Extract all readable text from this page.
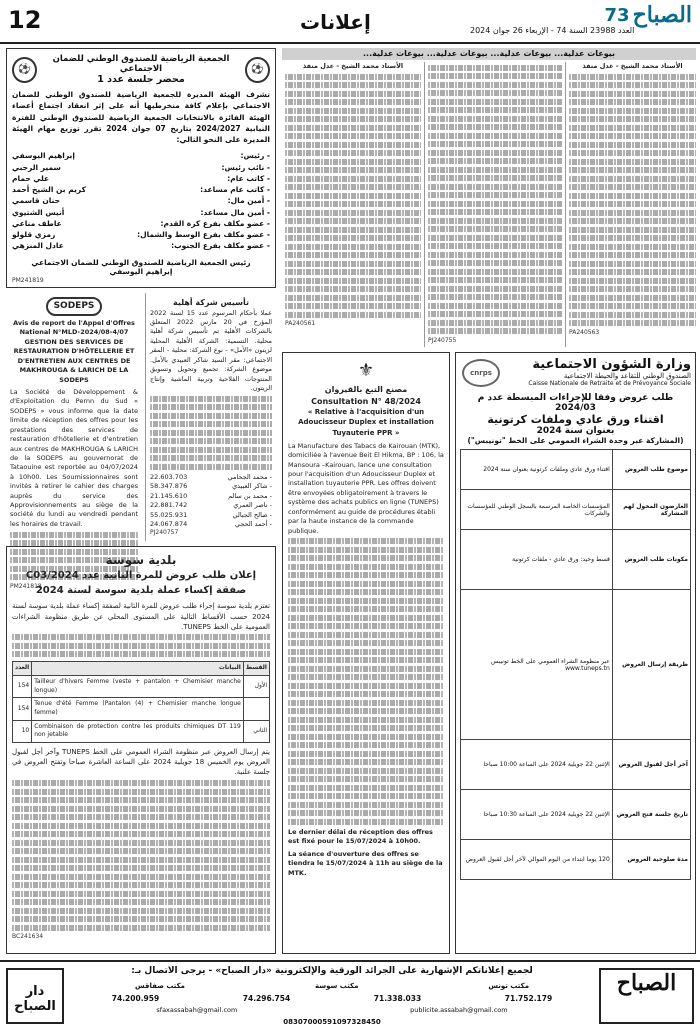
12	إعلانات	العدد 23988 السنة 74 - الإربعاء 26 جوان 2024
الصباح
73
بيوعات عدلية... بيوعات عدلية... بيوعات عدلية... بيوعات عدلية...
الأستاذ محمد الشيخ - عدل منفذ
PA240563
PJ240755
الأستاذ محمد الشيخ - عدل منفذ
PA240561
وزارة الشؤون الاجتماعية
الصندوق الوطني للتقاعد والحيطة الاجتماعية
Caisse Nationale de Retraite et de Prévoyance Sociale
cnrps
طلب عروض وفقا للإجراءات المبسطة عدد م 2024/03
اقتناء ورق عادي وملفات كرتونية
بعنوان سنة 2024
(المشاركة عبر وحدة الشراء العمومي على الخط "تونيبس")
موضوع طلب العروض	اقتناء ورق عادي وملفات كرتونية بعنوان سنة 2024
العارضون المخول لهم المشاركة	المؤسسات الخاصة المرسمة بالسجل الوطني للمؤسسات والشركات
مكونات طلب العروض	قسط وحيد: ورق عادي - ملفات كرتونية
طريقة إرسال العروض	عبر منظومة الشراء العمومي على الخط تونيبس www.tuneps.tn
آخر أجل لقبول العروض	الإثنين 22 جويلية 2024 على الساعة 10:00 صباحا
تاريخ جلسة فتح العروض	الإثنين 22 جويلية 2024 على الساعة 10:30 صباحا
مدة صلوحية العروض	120 يوما ابتداء من اليوم الموالي لآخر أجل لقبول العروض
⚜
مصنع التبغ بالقيروان
Consultation N° 48/2024
« Relative à l'acquisition d'un Adoucisseur Duplex et installation Tuyauterie PPR »
La Manufacture des Tabacs de Kairouan (MTK), domiciliée à l'avenue Beit El Hikma, BP : 106, la Mansoura –Kairouan, lance une consultation pour l'acquisition d'un Adoucisseur Duplex et installation tuyauterie PPR. Les offres doivent être envoyées obligatoirement à travers le système des achats publics en ligne (TUNEPS) conformément au guide de procédures établi par la haute instance de la commande publique.
Le dernier délai de réception des offres est fixé pour le 15/07/2024 à 10h00.
La séance d'ouverture des offres se tiendra le 15/07/2024 à 11h au siège de la MTK.
⚽
الجمعية الرياضية للصندوق الوطني للضمان الاجتماعي
محضر جلسة عدد 1
⚽
تشرف الهيئة المديرة للجمعية الرياضية للصندوق الوطني للضمان الاجتماعي بإعلام كافة منخرطيها أنه على إثر انعقاد اجتماع أعضاء الهيئة الفائزة بالانتخابات الجمعية الرياضية للصندوق الوطني للفترة النيابية 2024/2027 بتاريخ 07 جوان 2024 تقرر توزيع مهام الهيئة المديرة على النحو التالي:
- رئيس:
إبراهيم اليوسفي
- نائب رئيس:
سمير الرجبي
- كاتب عام:
علي حمام
- كاتب عام مساعد:
كريم بن الشيخ أحمد
- أمين مال:
حنان قاسمي
- أمين مال مساعد:
أنيس الشتيوي
- عضو مكلف بفرع كرة القدم:
عاطف مناعي
- عضو مكلف بفرع الوسط والشمال:
رمزي قلولو
- عضو مكلف بفرع الجنوب:
عادل المنزهي
رئيس الجمعية الرياضية للصندوق الوطني للضمان الاجتماعي
إبراهيم اليوسفي
PM241819
تأسيس شركة أهلية
عملا بأحكام المرسوم عدد 15 لسنة 2022 المؤرخ في 20 مارس 2022 المتعلق بالشركات الأهلية تم تأسيس شركة أهلية محلية. التسمية: الشركة الأهلية المحلية لزيتون «الأمل» - نوع الشركة: محلية - المقر الاجتماعي: مقر السيد شاكر العبيدي بالأمل. موضوع الشركة: تجميع وتحويل وتسويق المنتوجات الفلاحية وتربية الماشية وإنتاج الزيتون.
- محمد الجحامي
22.603.703
- شاكر العبيدي
58.347.876
- محمد بن سالم
21.145.610
- ناصر العمري
22.881.742
- صالح الجبالي
55.025.931
- أحمد الحجي
24.067.874
PJ240757
SODEPS
Avis de report de l'Appel d'Offres National N°MLD-2024/08-4/07 GESTION DES SERVICES DE RESTAURATION D'HÔTELLERIE ET D'ENTRETIEN AUX CENTRES DE MAKHROUGA & LARICH DE LA SODEPS
La Société de Développement & d'Exploitation du Pernn du Sud « SODEPS » vous informe que la date limite de réception des offres pour les prestations des services de restauration d'hôtellerie et d'entretien aux centres de MAKHROUGA & LARICH de la SODEPS au gouvernorat de Tataouine est reportée au 04/07/2024 à 10h00. Les Soumissionnaires sont invités à retirer le cahier des charges auprès du service des Approvisionnements au siège de la société du lundi au vendredi pendant les horaires de travail.
PM241818
بلدية سوسة
إعلان طلب عروض للمرة الثانية عدد 2024/C03
صفقة إكساء عملة بلدية سوسة لسنة 2024
تعتزم بلدية سوسة إجراء طلب عروض للمرة الثانية لصفقة إكساء عملة بلدية سوسة لسنة 2024 حسب الأقساط التالية على المستوى المحلي عن طريق منظومة الشراءات العمومية على الخط TUNEPS.
القسط	البيانات	العدد
الأول	Tailleur d'hivers Femme (veste + pantalon + Chemisier manche longue)	154
	Tenue d'été Femme (Pantalon (4) + Chemisier manche longue femme)	154
الثاني	Combinaison de protection contre les produits chimiques DT 119 non jetable	10
يتم إرسال العروض عبر منظومة الشراء العمومي على الخط TUNEPS وآخر أجل لقبول العروض يوم الخميس 18 جويلية 2024 على الساعة العاشرة صباحا وتفتح العروض في جلسة علنية.
BC241634
الصباح
دار الصباح
لجميع إعلاناتكم الإشهارية على الجرائد الورقية والإلكترونية «دار الصباح» - يرجى الاتصال بـ:
مكتب تونس
مكتب سوسة
مكتب صفاقس
74.200.959	74.296.754	71.338.033	71.752.179
sfaxassabah@gmail.com	publicite.assabah@gmail.com
08307000591097328450
